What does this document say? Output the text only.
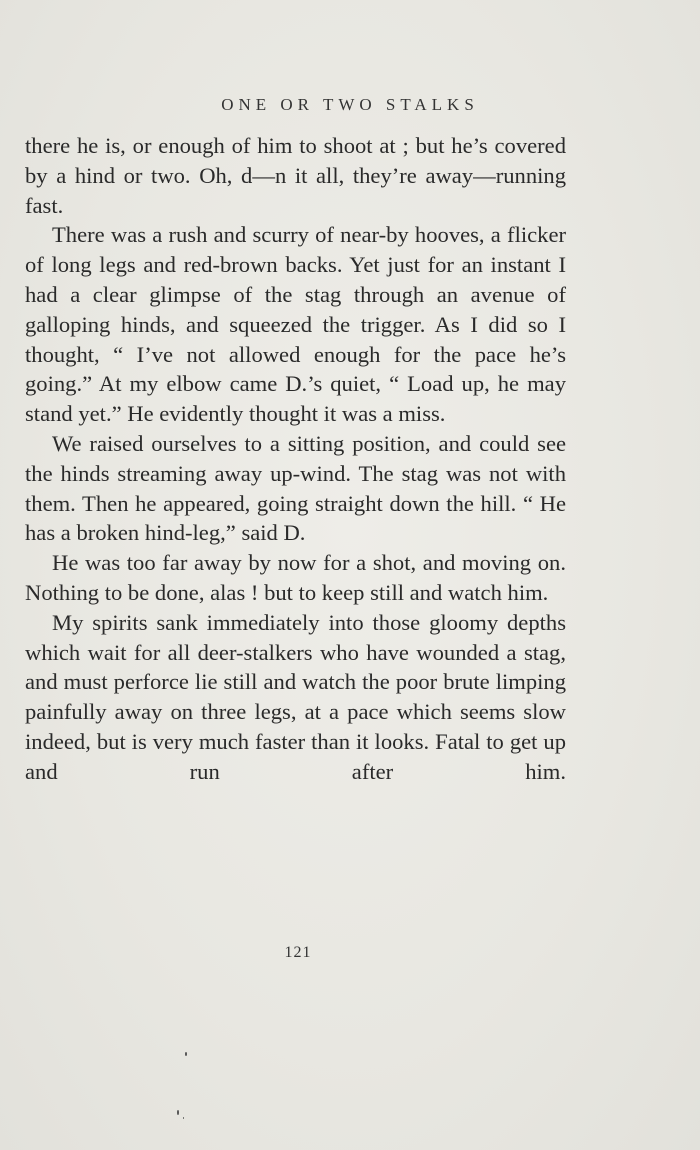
ONE OR TWO STALKS

there he is, or enough of him to shoot at ; but he’s covered by a hind or two. Oh, d—n it all, they’re away—running fast.

There was a rush and scurry of near-by hooves, a flicker of long legs and red-brown backs. Yet just for an instant I had a clear glimpse of the stag through an avenue of galloping hinds, and squeezed the trigger. As I did so I thought, “ I’ve not allowed enough for the pace he’s going.” At my elbow came D.’s quiet, “ Load up, he may stand yet.” He evidently thought it was a miss.

We raised ourselves to a sitting position, and could see the hinds streaming away up-wind. The stag was not with them. Then he appeared, going straight down the hill. “ He has a broken hind-leg,” said D.

He was too far away by now for a shot, and moving on. Nothing to be done, alas ! but to keep still and watch him.

My spirits sank immediately into those gloomy depths which wait for all deer-stalkers who have wounded a stag, and must perforce lie still and watch the poor brute limping painfully away on three legs, at a pace which seems slow indeed, but is very much faster than it looks. Fatal to get up and run after him.

121
